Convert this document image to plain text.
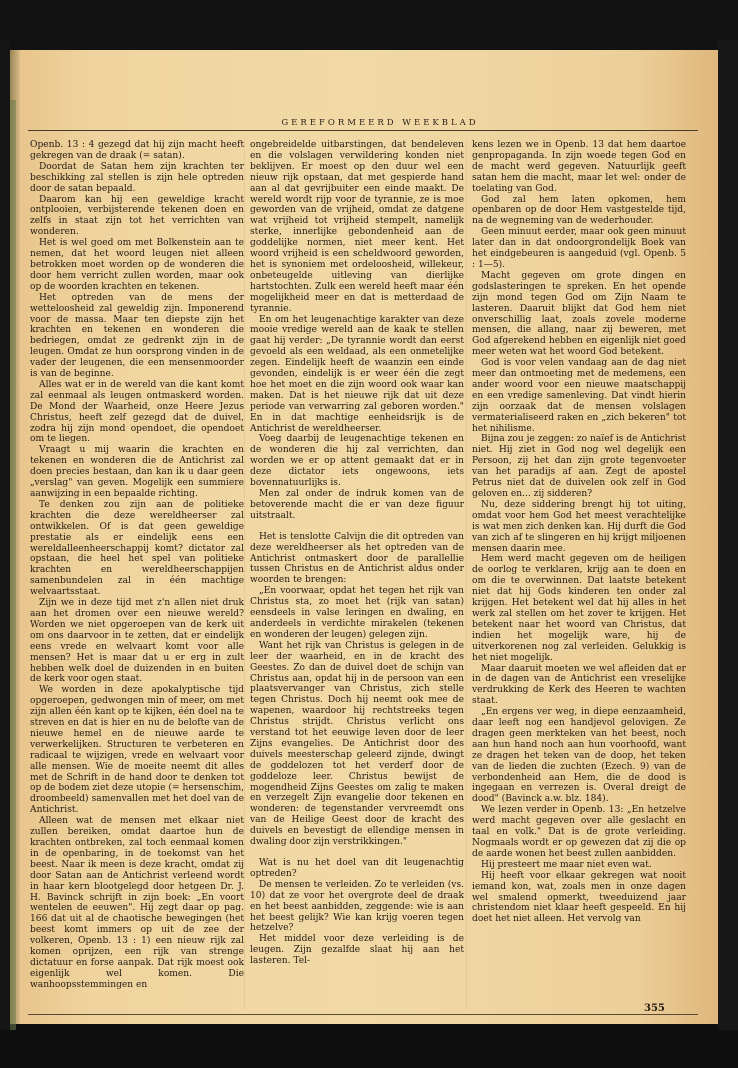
GEREFORMEERD WEEKBLAD

Openb. 13 : 4 gezegd dat hij zijn macht heeft gekregen van de draak (= satan).

Doordat de Satan hem zijn krachten ter beschikking zal stellen is zijn hele optreden door de satan bepaald.

Daarom kan hij een geweldige kracht ontplooien, verbijsterende tekenen doen en zelfs in staat zijn tot het verrichten van wonderen.

Het is wel goed om met Bolkenstein aan te nemen, dat het woord leugen niet alleen betrokken moet worden op de wonderen die door hem verricht zullen worden, maar ook op de woorden krachten en tekenen.

Het optreden van de mens der wetteloosheid zal geweldig zijn. Imponerend voor de massa. Maar ten diepste zijn het krachten en tekenen en wonderen die bedriegen, omdat ze gedrenkt zijn in de leugen. Omdat ze hun oorsprong vinden in de vader der leugenen, die een mensenmoorder is van de beginne.

Alles wat er in de wereld van die kant komt zal eenmaal als leugen ontmaskerd worden. De Mond der Waarheid, onze Heere Jezus Christus, heeft zelf gezegd dat de duivel, zodra hij zijn mond opendoet, die opendoet om te liegen.

Vraagt u mij waarin die krachten en tekenen en wonderen die de Antichrist zal doen precies bestaan, dan kan ik u daar geen „verslag" van geven. Mogelijk een summiere aanwijzing in een bepaalde richting.

Te denken zou zijn aan de politieke krachten die deze wereldheerser zal ontwikkelen. Of is dat geen geweldige prestatie als er eindelijk eens een wereldalleenheerschappij komt? dictator zal opstaan, die heel het spel van politieke krachten en wereldheerschappijen samenbundelen zal in één machtige welvaartsstaat.

Zijn we in deze tijd met z'n allen niet druk aan het dromen over een nieuwe wereld? Worden we niet opgeroepen van de kerk uit om ons daarvoor in te zetten, dat er eindelijk eens vrede en welvaart komt voor alle mensen? Het is maar dat u er erg in zult hebben welk doel de duizenden in en buiten de kerk voor ogen staat.

We worden in deze apokalyptische tijd opgeroepen, gedwongen min of meer, om met zijn allen één kant op te kijken, één doel na te streven en dat is hier en nu de belofte van de nieuwe hemel en de nieuwe aarde te verwerkelijken. Structuren te verbeteren en radicaal te wijzigen, vrede en welvaart voor alle mensen. Wie de moeite neemt dit alles met de Schrift in de hand door te denken tot op de bodem ziet deze utopie (= hersenschim, droombeeld) samenvallen met het doel van de Antichrist.

Alleen wat de mensen met elkaar niet zullen bereiken, omdat daartoe hun de krachten ontbreken, zal toch eenmaal komen in de openbaring, in de toekomst van het beest. Naar ik meen is deze kracht, omdat zij door Satan aan de Antichrist verleend wordt in haar kern blootgelegd door hetgeen Dr. J. H. Bavinck schrijft in zijn boek: „En voort wentelen de eeuwen". Hij zegt daar op pag. 166 dat uit al de chaotische bewegingen (het beest komt immers op uit de zee der volkeren, Openb. 13 : 1) een nieuw rijk zal komen oprijzen, een rijk van strenge dictatuur en forse aanpak. Dat rijk moest ook eigenlijk wel komen. Die wanhoopsstemmingen en

ongebreidelde uitbarstingen, dat bendeleven en die volslagen verwildering konden niet beklijven. Er moest op den duur wel een nieuw rijk opstaan, dat met gespierde hand aan al dat gevrijbuiter een einde maakt. De wereld wordt rijp voor de tyrannie, ze is moe geworden van de vrijheid, omdat ze datgene wat vrijheid tot vrijheid stempelt, namelijk sterke, innerlijke gebondenheid aan de goddelijke normen, niet meer kent. Het woord vrijheid is een scheldwoord geworden, het is synoniem met ordeloosheid, willekeur, onbeteugelde uitleving van dierlijke hartstochten. Zulk een wereld heeft maar één mogelijkheid meer en dat is metterdaad de tyrannie.

En om het leugenachtige karakter van deze mooie vredige wereld aan de kaak te stellen gaat hij verder: „De tyrannie wordt dan eerst gevoeld als een weldaad, als een onmetelijke zegen. Eindelijk heeft de waanzin een einde gevonden, eindelijk is er weer één die zegt hoe het moet en die zijn woord ook waar kan maken. Dat is het nieuwe rijk dat uit deze periode van verwarring zal geboren worden." En in dat machtige eenheidsrijk is de Antichrist de wereldheerser.

Voeg daarbij de leugenachtige tekenen en de wonderen die hij zal verrichten, dan worden we er op attent gemaakt dat er in deze dictator iets ongewoons, iets bovennatuurlijks is.

Men zal onder de indruk komen van de betoverende macht die er van deze figuur uitstraalt.

Het is tenslotte Calvijn die dit optreden van deze wereldheerser als het optreden van de Antichrist ontmaskert door de parallellie tussen Christus en de Antichrist aldus onder woorden te brengen:

„En voorwaar, opdat het tegen het rijk van Christus sta, zo moet het (rijk van satan) eensdeels in valse leringen en dwaling, en anderdeels in verdichte mirakelen (tekenen en wonderen der leugen) gelegen zijn.

Want het rijk van Christus is gelegen in de leer der waarheid, en in de kracht des Geestes. Zo dan de duivel doet de schijn van Christus aan, opdat hij in de persoon van een plaatsvervanger van Christus, zich stelle tegen Christus. Doch hij neemt ook mee de wapenen, waardoor hij rechtstreeks tegen Christus strijdt. Christus verlicht ons verstand tot het eeuwige leven door de leer Zijns evangelies. De Antichrist door des duivels meesterschap geleerd zijnde, dwingt de goddelozen tot het verderf door de goddeloze leer. Christus bewijst de mogendheid Zijns Geestes om zalig te maken en verzegelt Zijn evangelie door tekenen en wonderen: de tegenstander vervreemdt ons van de Heilige Geest door de kracht des duivels en bevestigt de ellendige mensen in dwaling door zijn verstrikkingen."

Wat is nu het doel van dit leugenachtig optreden?

De mensen te verleiden. Zo te verleiden (vs. 10) dat ze voor het overgrote deel de draak en het beest aanbidden, zeggende: wie is aan het beest gelijk? Wie kan krijg voeren tegen hetzelve?

Het middel voor deze verleiding is de leugen. Zijn gezalfde slaat hij aan het lasteren. Tel-

kens lezen we in Openb. 13 dat hem daartoe genpropaganda. In zijn woede tegen God en de macht werd gegeven. Natuurlijk geeft satan hem die macht, maar let wel: onder de toelating van God.

God zal hem laten opkomen, hem openbaren op de door Hem vastgestelde tijd, na de wegneming van de wederhouder.

Geen minuut eerder, maar ook geen minuut later dan in dat ondoorgrondelijk Boek van het eindgebeuren is aangeduid (vgl. Openb. 5 : 1—5).

Macht gegeven om grote dingen en godslasteringen te spreken. En het opende zijn mond tegen God om Zijn Naam te lasteren. Daaruit blijkt dat God hem niet onverschillig laat, zoals zovele moderne mensen, die allang, naar zij beweren, met God afgerekend hebben en eigenlijk niet goed meer weten wat het woord God betekent.

God is voor velen vandaag aan de dag niet meer dan ontmoeting met de medemens, een ander woord voor een nieuwe maatschappij en een vredige samenleving. Dat vindt hierin zijn oorzaak dat de mensen volslagen vermaterialiseerd raken en „zich bekeren" tot het nihilisme.

Bijna zou je zeggen: zo naïef is de Antichrist niet. Hij ziet in God nog wel degelijk een Persoon, zij het dan zijn grote tegenvoeter van het paradijs af aan. Zegt de apostel Petrus niet dat de duivelen ook zelf in God geloven en... zij sidderen?

Nu, deze siddering brengt hij tot uiting, omdat voor hem God het meest verachtelijke is wat men zich denken kan. Hij durft die God van zich af te slingeren en hij krijgt miljoenen mensen daarin mee.

Hem werd macht gegeven om de heiligen de oorlog te verklaren, krijg aan te doen en om die te overwinnen. Dat laatste betekent niet dat hij Gods kinderen ten onder zal krijgen. Het betekent wel dat hij alles in het werk zal stellen om het zover te krijgen. Het betekent naar het woord van Christus, dat indien het mogelijk ware, hij de uitverkorenen nog zal verleiden. Gelukkig is het niet mogelijk.

Maar daaruit moeten we wel afleiden dat er in de dagen van de Antichrist een vreselijke verdrukking de Kerk des Heeren te wachten staat.

„En ergens ver weg, in diepe eenzaamheid, daar leeft nog een handjevol gelovigen. Ze dragen geen merkteken van het beest, noch aan hun hand noch aan hun voorhoofd, want ze dragen het teken van de doop, het teken van de lieden die zuchten (Ezech. 9) van de verbondenheid aan Hem, die de dood is ingegaan en verrezen is. Overal dreigt de dood" (Bavinck a.w. blz. 184).

We lezen verder in Openb. 13: „En hetzelve werd macht gegeven over alle geslacht en taal en volk." Dat is de grote verleiding. Nogmaals wordt er op gewezen dat zij die op de aarde wonen het beest zullen aanbidden.

Hij presteert me maar niet even wat.

Hij heeft voor elkaar gekregen wat nooit iemand kon, wat, zoals men in onze dagen wel smalend opmerkt, tweeduizend jaar christendom niet klaar heeft gespeeld. En hij doet het niet alleen. Het vervolg van

355
